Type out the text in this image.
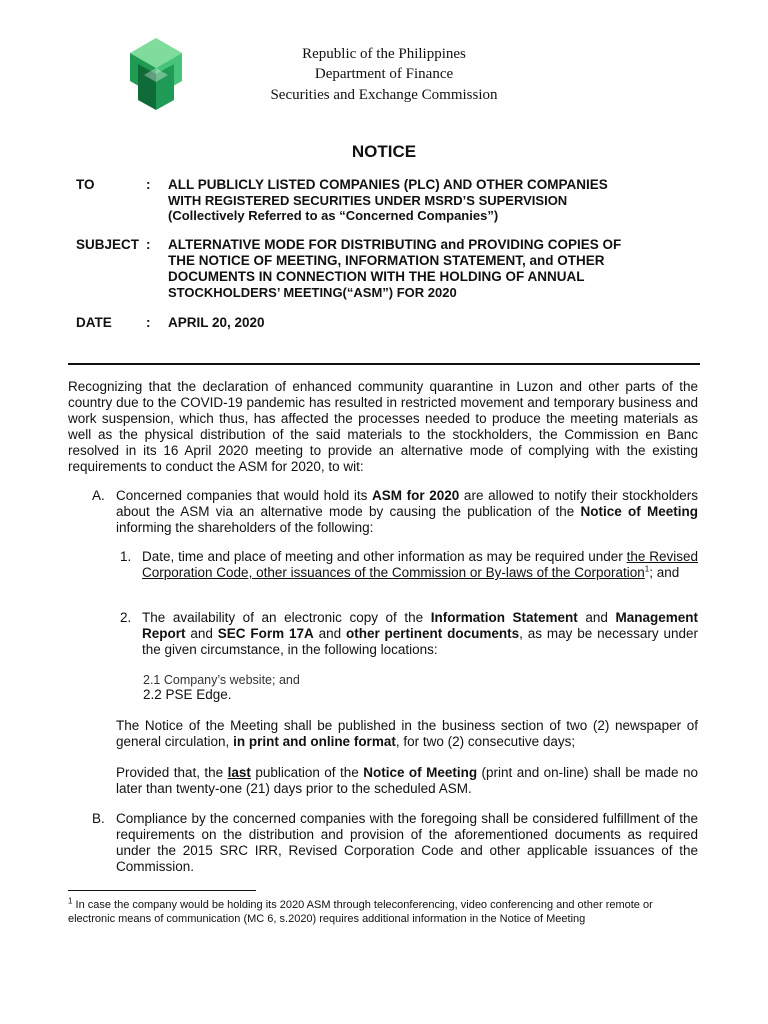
Republic of the Philippines
Department of Finance
Securities and Exchange Commission
NOTICE
TO	: ALL PUBLICLY LISTED COMPANIES (PLC) AND OTHER COMPANIES
WITH REGISTERED SECURITIES UNDER MSRD’S SUPERVISION
(Collectively Referred to as “Concerned Companies”)
SUBJECT : ALTERNATIVE MODE FOR DISTRIBUTING and PROVIDING COPIES OF
THE NOTICE OF MEETING, INFORMATION STATEMENT, and OTHER
DOCUMENTS IN CONNECTION WITH THE HOLDING OF ANNUAL
STOCKHOLDERS’ MEETING(“ASM”) FOR 2020
DATE	: APRIL 20, 2020
Recognizing that the declaration of enhanced community quarantine in Luzon and other parts of the country due to the COVID-19 pandemic has resulted in restricted movement and temporary business and work suspension, which thus, has affected the processes needed to produce the meeting materials as well as the physical distribution of the said materials to the stockholders, the Commission en Banc resolved in its 16 April 2020 meeting to provide an alternative mode of complying with the existing requirements to conduct the ASM for 2020, to wit:
A. Concerned companies that would hold its ASM for 2020 are allowed to notify their stockholders about the ASM via an alternative mode by causing the publication of the Notice of Meeting informing the shareholders of the following:
1. Date, time and place of meeting and other information as may be required under the Revised Corporation Code, other issuances of the Commission or By-laws of the Corporation$^1$; and
2. The availability of an electronic copy of the Information Statement and Management Report and SEC Form 17A and other pertinent documents, as may be necessary under the given circumstance, in the following locations:
2.1 Company’s website; and
2.2 PSE Edge.
The Notice of the Meeting shall be published in the business section of two (2) newspaper of general circulation, in print and online format, for two (2) consecutive days;
Provided that, the last publication of the Notice of Meeting (print and on-line) shall be made no later than twenty-one (21) days prior to the scheduled ASM.
B. Compliance by the concerned companies with the foregoing shall be considered fulfillment of the requirements on the distribution and provision of the aforementioned documents as required under the 2015 SRC IRR, Revised Corporation Code and other applicable issuances of the Commission.
$^1$ In case the company would be holding its 2020 ASM through teleconferencing, video conferencing and other remote or electronic means of communication (MC 6, s.2020) requires additional information in the Notice of Meeting
